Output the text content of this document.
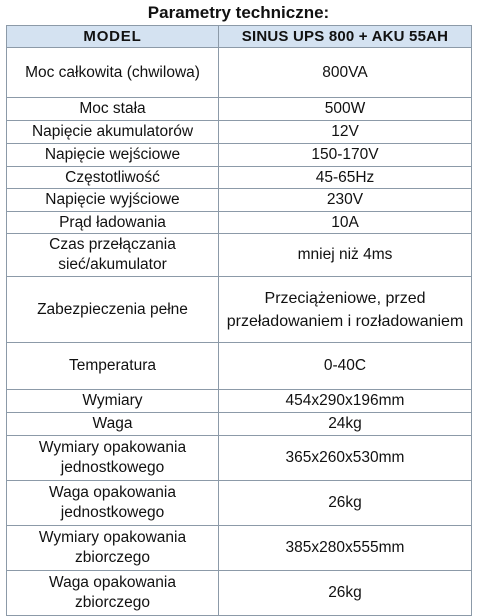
Parametry techniczne:
MODEL	SINUS UPS 800 + AKU 55AH
Moc całkowita (chwilowa)	800VA
Moc stała	500W
Napięcie akumulatorów	12V
Napięcie wejściowe	150-170V
Częstotliwość	45-65Hz
Napięcie wyjściowe	230V
Prąd ładowania	10A
Czas przełączania sieć/akumulator	mniej niż 4ms
Zabezpieczenia pełne	Przeciążeniowe, przed przeładowaniem i rozładowaniem
Temperatura	0-40C
Wymiary	454x290x196mm
Waga	24kg
Wymiary opakowania jednostkowego	365x260x530mm
Waga opakowania jednostkowego	26kg
Wymiary opakowania zbiorczego	385x280x555mm
Waga opakowania zbiorczego	26kg
